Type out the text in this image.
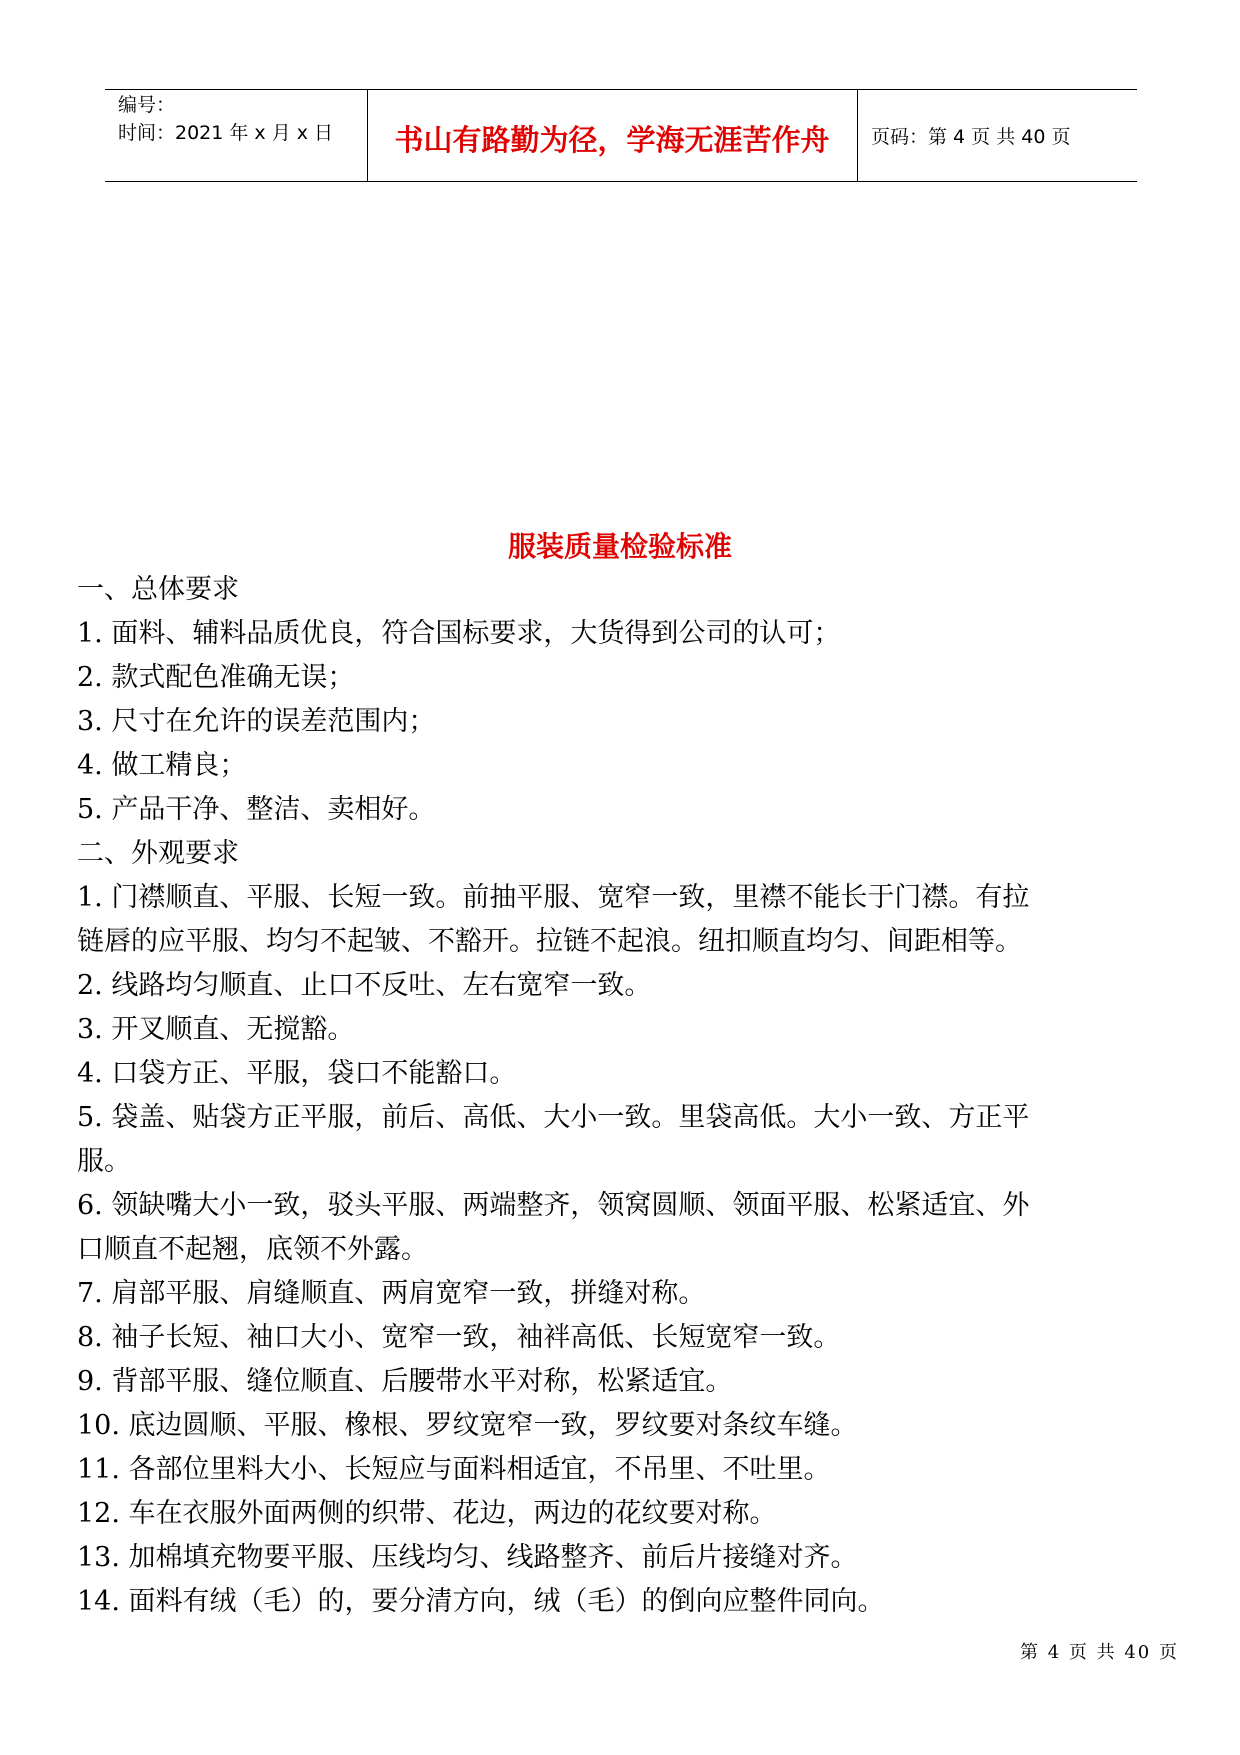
编号：
时间：2021 年 x 月 x 日	书山有路勤为径，学海无涯苦作舟	页码：第 4 页 共 40 页
服装质量检验标准
一、总体要求
1. 面料、辅料品质优良，符合国标要求，大货得到公司的认可；
2. 款式配色准确无误；
3. 尺寸在允许的误差范围内；
4. 做工精良；
5. 产品干净、整洁、卖相好。
二、外观要求
1. 门襟顺直、平服、长短一致。前抽平服、宽窄一致，里襟不能长于门襟。有拉
链唇的应平服、均匀不起皱、不豁开。拉链不起浪。纽扣顺直均匀、间距相等。
2. 线路均匀顺直、止口不反吐、左右宽窄一致。
3. 开叉顺直、无搅豁。
4. 口袋方正、平服，袋口不能豁口。
5. 袋盖、贴袋方正平服，前后、高低、大小一致。里袋高低。大小一致、方正平
服。
6. 领缺嘴大小一致，驳头平服、两端整齐，领窝圆顺、领面平服、松紧适宜、外
口顺直不起翘，底领不外露。
7. 肩部平服、肩缝顺直、两肩宽窄一致，拼缝对称。
8. 袖子长短、袖口大小、宽窄一致，袖袢高低、长短宽窄一致。
9. 背部平服、缝位顺直、后腰带水平对称，松紧适宜。
10. 底边圆顺、平服、橡根、罗纹宽窄一致，罗纹要对条纹车缝。
11. 各部位里料大小、长短应与面料相适宜，不吊里、不吐里。
12. 车在衣服外面两侧的织带、花边，两边的花纹要对称。
13. 加棉填充物要平服、压线均匀、线路整齐、前后片接缝对齐。
14. 面料有绒（毛）的，要分清方向，绒（毛）的倒向应整件同向。
第 4 页 共 40 页
